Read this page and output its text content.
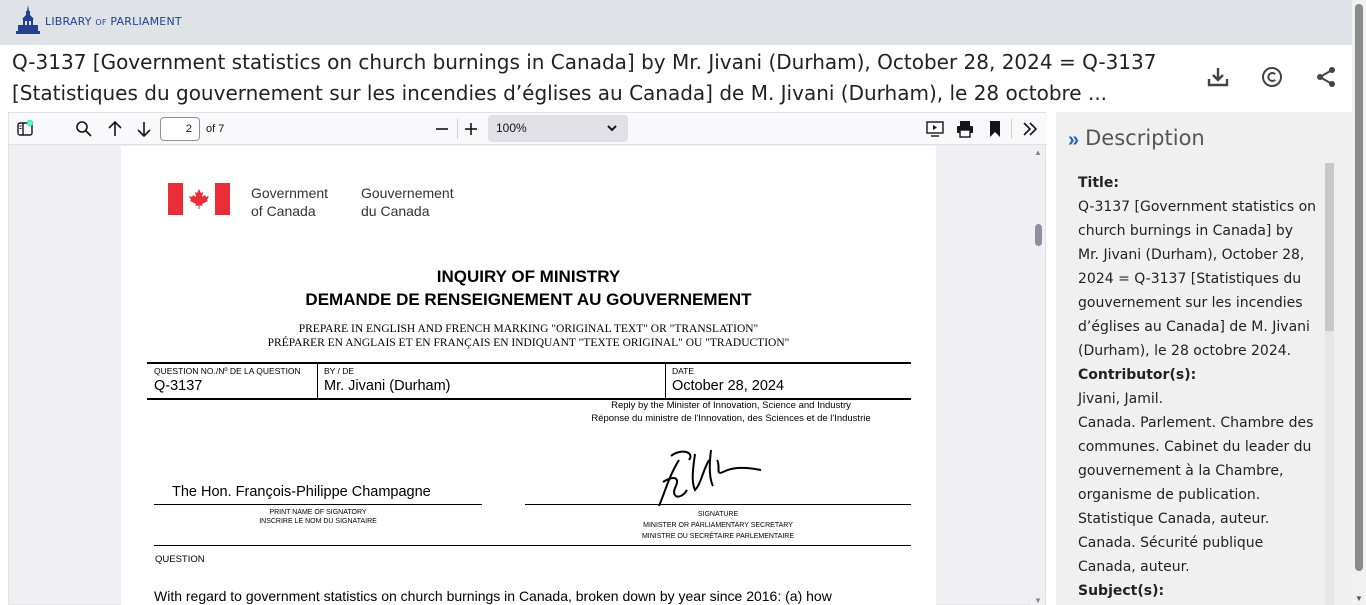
LIBRARY OF PARLIAMENT
Q-3137 [Government statistics on church burnings in Canada] by Mr. Jivani (Durham), October 28, 2024 = Q-3137 [Statistiques du gouvernement sur les incendies d’églises au Canada] de M. Jivani (Durham), le 28 octobre ...
2	of 7	100%
Government
of Canada
Gouvernement
du Canada
INQUIRY OF MINISTRY
DEMANDE DE RENSEIGNEMENT AU GOUVERNEMENT
PREPARE IN ENGLISH AND FRENCH MARKING "ORIGINAL TEXT" OR "TRANSLATION"
PRÉPARER EN ANGLAIS ET EN FRANÇAIS EN INDIQUANT "TEXTE ORIGINAL" OU "TRADUCTION"
QUESTION NO./Nº DE LA QUESTION
Q-3137
BY / DE
Mr. Jivani (Durham)
DATE
October 28, 2024
Reply by the Minister of Innovation, Science and Industry
Réponse du ministre de l'Innovation, des Sciences et de l'Industrie
The Hon. François-Philippe Champagne
PRINT NAME OF SIGNATORY
INSCRIRE LE NOM DU SIGNATAIRE
SIGNATURE
MINISTER OR PARLIAMENTARY SECRETARY
MINISTRE OU SECRÉTAIRE PARLEMENTAIRE
QUESTION
With regard to government statistics on church burnings in Canada, broken down by year since 2016: (a) how
▲
▼
» Description
Title:
Q-3137 [Government statistics on church burnings in Canada] by Mr. Jivani (Durham), October 28, 2024 = Q-3137 [Statistiques du gouvernement sur les incendies d’églises au Canada] de M. Jivani (Durham), le 28 octobre 2024.
Contributor(s):
Jivani, Jamil.
Canada. Parlement. Chambre des communes. Cabinet du leader du gouvernement à la Chambre, organisme de publication.
Statistique Canada, auteur.
Canada. Sécurité publique Canada, auteur.
Subject(s):	▼
